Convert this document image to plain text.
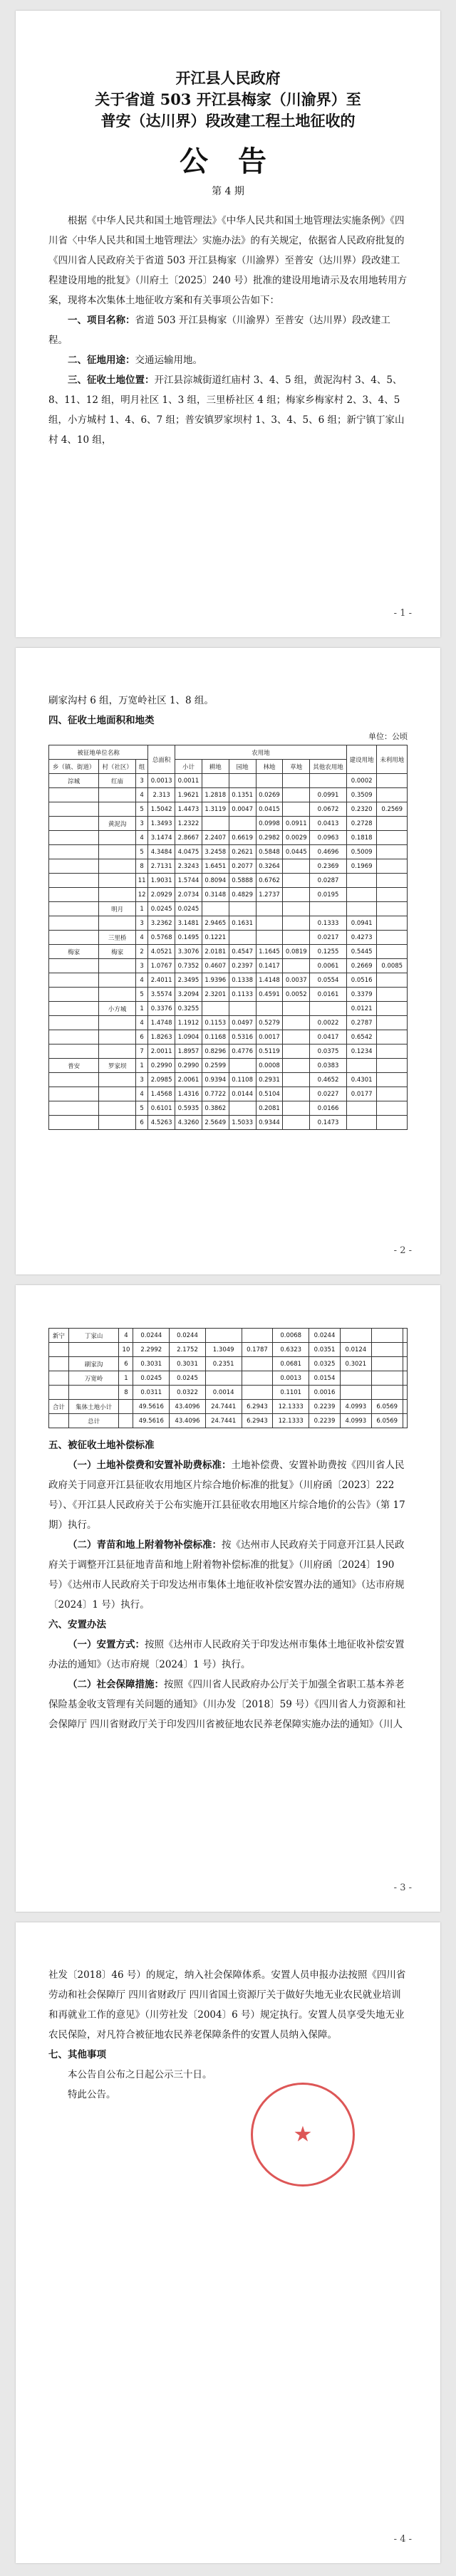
开江县人民政府
关于省道 503 开江县梅家（川渝界）至
普安（达川界）段改建工程土地征收的
公 告
第 4 期

根据《中华人民共和国土地管理法》《中华人民共和国土地管理法实施条例》《四川省〈中华人民共和国土地管理法〉实施办法》的有关规定，依据省人民政府批复的《四川省人民政府关于省道 503 开江县梅家（川渝界）至普安（达川界）段改建工程建设用地的批复》（川府土〔2025〕240 号）批准的建设用地请示及农用地转用方案，现将本次集体土地征收方案和有关事项公告如下：

一、项目名称：省道 503 开江县梅家（川渝界）至普安（达川界）段改建工程。

二、征地用途：交通运输用地。

三、征收土地位置：开江县淙城街道红庙村 3、4、5 组，黄泥沟村 3、4、5、8、11、12 组，明月社区 1、3 组，三里桥社区 4 组；梅家乡梅家村 2、3、4、5 组，小方城村 1、4、6、7 组；普安镇罗家坝村 1、3、4、5、6 组；新宁镇丁家山村 4、10 组，

- 1 -

刷家沟村 6 组，万宽岭社区 1、8 组。

四、征收土地面积和地类

单位：公顷
被征地单位名称			总面积	农用地						建设用地	未利用地
乡（镇、街道）	村（社区）	组		小计	耕地	园地	林地	草地	其他农用地		
淙城	红庙	3	0.0013	0.0011						0.0002	
		4	2.313	1.9621	1.2818	0.1351	0.0269		0.0991	0.3509	
		5	1.5042	1.4473	1.3119	0.0047	0.0415		0.0672	0.2320	0.2569
	黄泥沟	3	1.3493	1.2322			0.0998	0.0911	0.0413	0.2728	
		4	3.1474	2.8667	2.2407	0.6619	0.2982	0.0029	0.0963	0.1818	
		5	4.3484	4.0475	3.2458	0.2621	0.5848	0.0445	0.4696	0.5009	
		8	2.7131	2.3243	1.6451	0.2077	0.3264		0.2369	0.1969	
		11	1.9031	1.5744	0.8094	0.5888	0.6762		0.0287		
		12	2.0929	2.0734	0.3148	0.4829	1.2737		0.0195		
	明月	1	0.0245	0.0245							
		3	3.2362	3.1481	2.9465	0.1631			0.1333	0.0941	
	三里桥	4	0.5768	0.1495	0.1221				0.0217	0.4273	
梅家	梅家	2	4.0521	3.3076	2.0181	0.4547	1.1645	0.0819	0.1255	0.5445	
		3	1.0767	0.7352	0.4607	0.2397	0.1417		0.0061	0.2669	0.0085
		4	2.4011	2.3495	1.9396	0.1338	1.4148	0.0037	0.0554	0.0516	
		5	3.5574	3.2094	2.3201	0.1133	0.4591	0.0052	0.0161	0.3379	
	小方城	1	0.3376	0.3255						0.0121	
		4	1.4748	1.1912	0.1153	0.0497	0.5279		0.0022	0.2787	
		6	1.8263	1.0904	0.1168	0.5316	0.0017		0.0417	0.6542	
		7	2.0011	1.8957	0.8296	0.4776	0.5119		0.0375	0.1234	
普安	罗家坝	1	0.2990	0.2990	0.2599		0.0008		0.0383		
		3	2.0985	2.0061	0.9394	0.1108	0.2931		0.4652	0.4301	
		4	1.4568	1.4316	0.7722	0.0144	0.5104		0.0227	0.0177	
		5	0.6101	0.5935	0.3862		0.2081		0.0166		
		6	4.5263	4.3260	2.5649	1.5033	0.9344		0.1473		
- 2 -
新宁	丁家山	4	0.0244	0.0244			0.0068	0.0244			
		10	2.2992	2.1752	1.3049	0.1787	0.6323	0.0351	0.0124		
	刷家沟	6	0.3031	0.3031	0.2351		0.0681	0.0325	0.3021		
	万宽岭	1	0.0245	0.0245			0.0013	0.0154			
		8	0.0311	0.0322	0.0014		0.1101	0.0016			
合计	集体土地小计		49.5616	43.4096	24.7441	6.2943	12.1333	0.2239	4.0993	6.0569	
	总计		49.5616	43.4096	24.7441	6.2943	12.1333	0.2239	4.0993	6.0569	

五、被征收土地补偿标准

（一）土地补偿费和安置补助费标准：土地补偿费、安置补助费按《四川省人民政府关于同意开江县征收农用地区片综合地价标准的批复》（川府函〔2023〕222 号）、《开江县人民政府关于公布实施开江县征收农用地区片综合地价的公告》（第 17 期）执行。

（二）青苗和地上附着物补偿标准：按《达州市人民政府关于同意开江县人民政府关于调整开江县征地青苗和地上附着物补偿标准的批复》（川府函〔2024〕190 号）《达州市人民政府关于印发达州市集体土地征收补偿安置办法的通知》（达市府规〔2024〕1 号）执行。

六、安置办法

（一）安置方式：按照《达州市人民政府关于印发达州市集体土地征收补偿安置办法的通知》（达市府规〔2024〕1 号）执行。

（二）社会保障措施：按照《四川省人民政府办公厅关于加强全省职工基本养老保险基金收支管理有关问题的通知》（川办发〔2018〕59 号）《四川省人力资源和社会保障厅 四川省财政厅关于印发四川省被征地农民养老保障实施办法的通知》（川人

- 3 -

社发〔2018〕46 号）的规定，纳入社会保障体系。安置人员申报办法按照《四川省劳动和社会保障厅 四川省财政厅 四川省国土资源厅关于做好失地无业农民就业培训和再就业工作的意见》（川劳社发〔2004〕6 号）规定执行。安置人员享受失地无业农民保险，对凡符合被征地农民养老保障条件的安置人员纳入保障。

七、其他事项

本公告自公布之日起公示三十日。

特此公告。

★
- 4 -
